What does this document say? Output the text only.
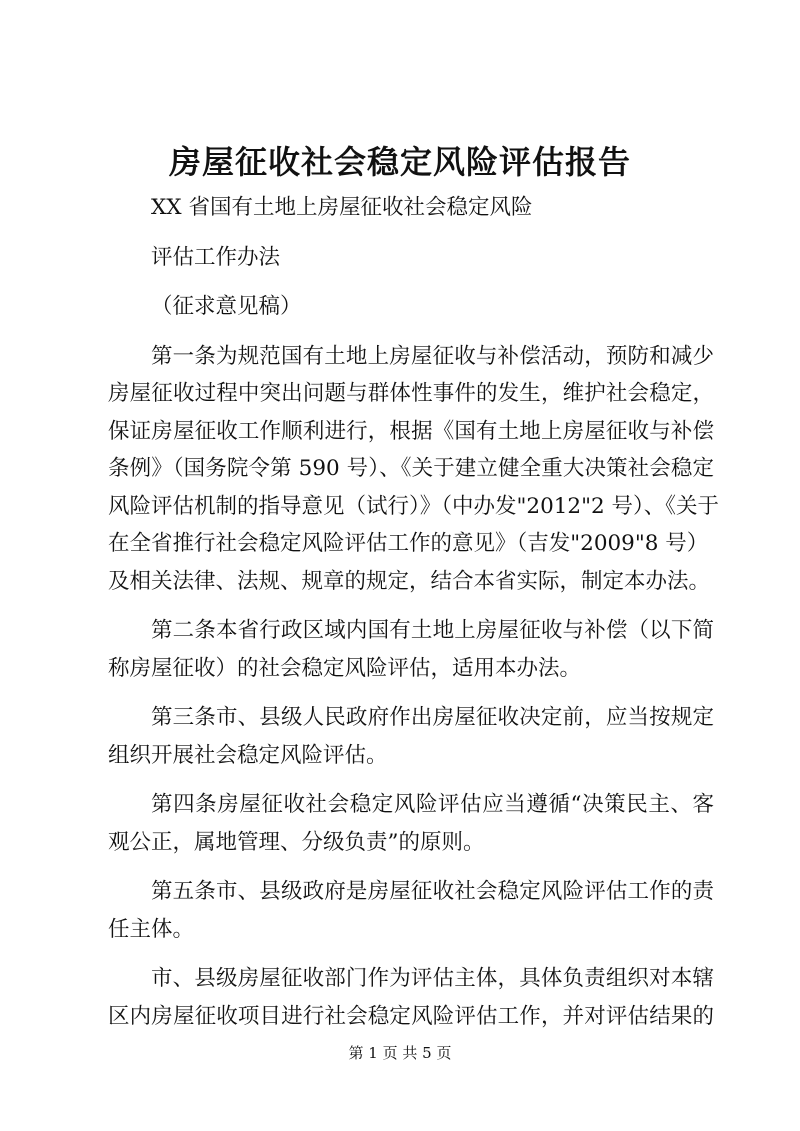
房屋征收社会稳定风险评估报告
XX 省国有土地上房屋征收社会稳定风险
评估工作办法
（征求意见稿）
第一条为规范国有土地上房屋征收与补偿活动，预防和减少
房屋征收过程中突出问题与群体性事件的发生，维护社会稳定，
保证房屋征收工作顺利进行，根据《国有土地上房屋征收与补偿
条例》（国务院令第 590 号）、《关于建立健全重大决策社会稳定
风险评估机制的指导意见（试行）》（中办发"2012"2 号）、《关于
在全省推行社会稳定风险评估工作的意见》（吉发"2009"8 号）
及相关法律、法规、规章的规定，结合本省实际，制定本办法。
第二条本省行政区域内国有土地上房屋征收与补偿（以下简
称房屋征收）的社会稳定风险评估，适用本办法。
第三条市、县级人民政府作出房屋征收决定前，应当按规定
组织开展社会稳定风险评估。
第四条房屋征收社会稳定风险评估应当遵循“决策民主、客
观公正，属地管理、分级负责”的原则。
第五条市、县级政府是房屋征收社会稳定风险评估工作的责
任主体。
市、县级房屋征收部门作为评估主体，具体负责组织对本辖
区内房屋征收项目进行社会稳定风险评估工作，并对评估结果的
第 1 页 共 5 页
